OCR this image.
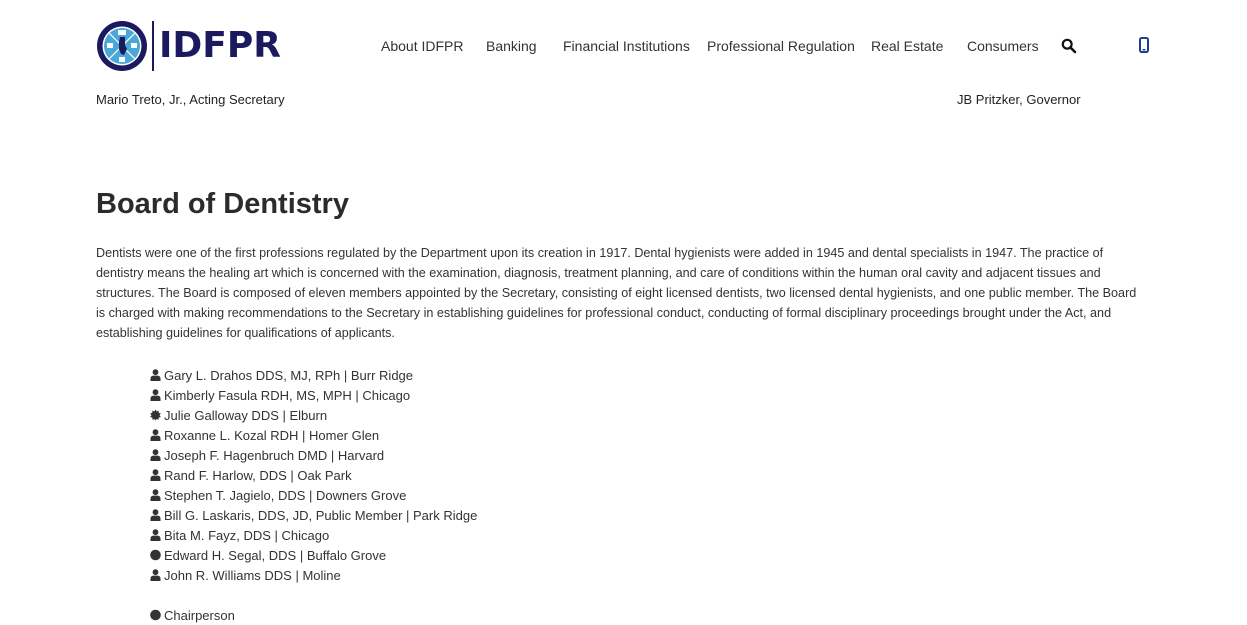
IDFPR	About IDFPR Banking Financial Institutions Professional Regulation Real Estate Consumers
Mario Treto, Jr., Acting Secretary	JB Pritzker, Governor
Board of Dentistry

Dentists were one of the first professions regulated by the Department upon its creation in 1917. Dental hygienists were added in 1945 and dental specialists in 1947. The practice of dentistry means the healing art which is concerned with the examination, diagnosis, treatment planning, and care of conditions within the human oral cavity and adjacent tissues and structures. The Board is composed of eleven members appointed by the Secretary, consisting of eight licensed dentists, two licensed dental hygienists, and one public member. The Board is charged with making recommendations to the Secretary in establishing guidelines for professional conduct, conducting of formal disciplinary proceedings brought under the Act, and establishing guidelines for qualifications of applicants.

Gary L. Drahos DDS, MJ, RPh | Burr Ridge
Kimberly Fasula RDH, MS, MPH | Chicago
Julie Galloway DDS | Elburn
Roxanne L. Kozal RDH | Homer Glen
Joseph F. Hagenbruch DMD | Harvard
Rand F. Harlow, DDS | Oak Park
Stephen T. Jagielo, DDS | Downers Grove
Bill G. Laskaris, DDS, JD, Public Member | Park Ridge
Bita M. Fayz, DDS | Chicago
Edward H. Segal, DDS | Buffalo Grove
John R. Williams DDS | Moline
Chairperson
